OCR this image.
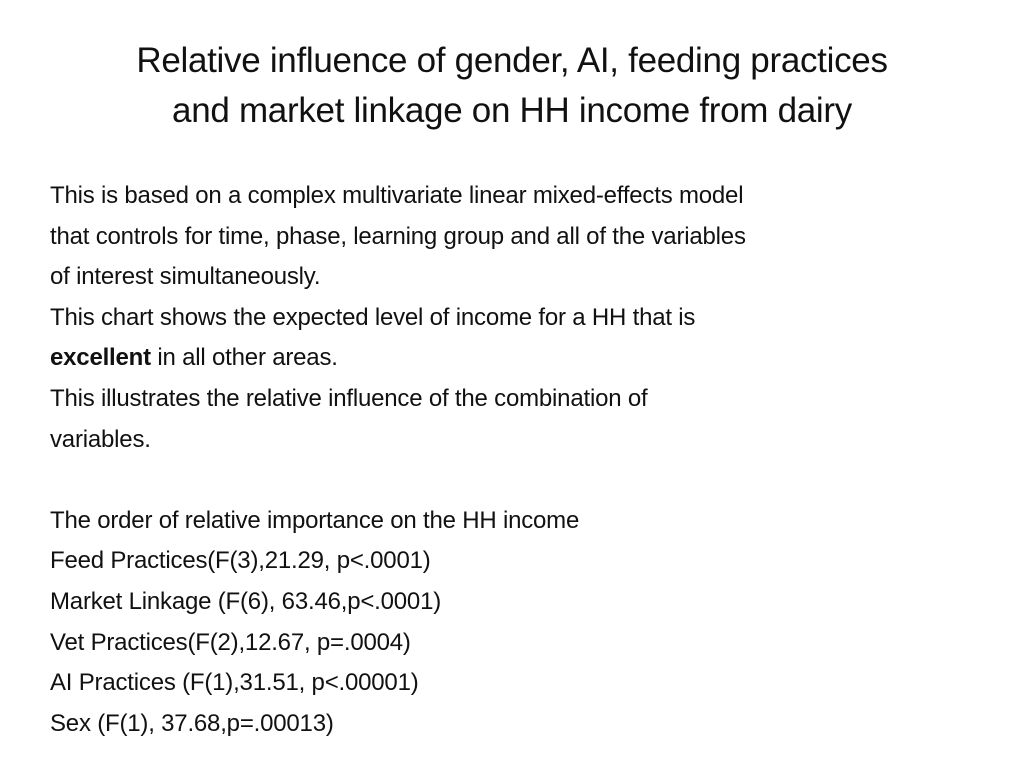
Relative influence of gender, AI, feeding practices
and market linkage on HH income from dairy
This is based on a complex multivariate linear mixed-effects model
that controls for time, phase, learning group and all of the variables
of interest simultaneously.
This chart shows the expected level of income for a HH that is
excellent in all other areas.
This illustrates the relative influence of the combination of
variables.
The order of relative importance on the HH income
Feed Practices(F(3),21.29, p<.0001)
Market Linkage (F(6), 63.46,p<.0001)
Vet Practices(F(2),12.67, p=.0004)
AI Practices (F(1),31.51, p<.00001)
Sex (F(1), 37.68,p=.00013)
